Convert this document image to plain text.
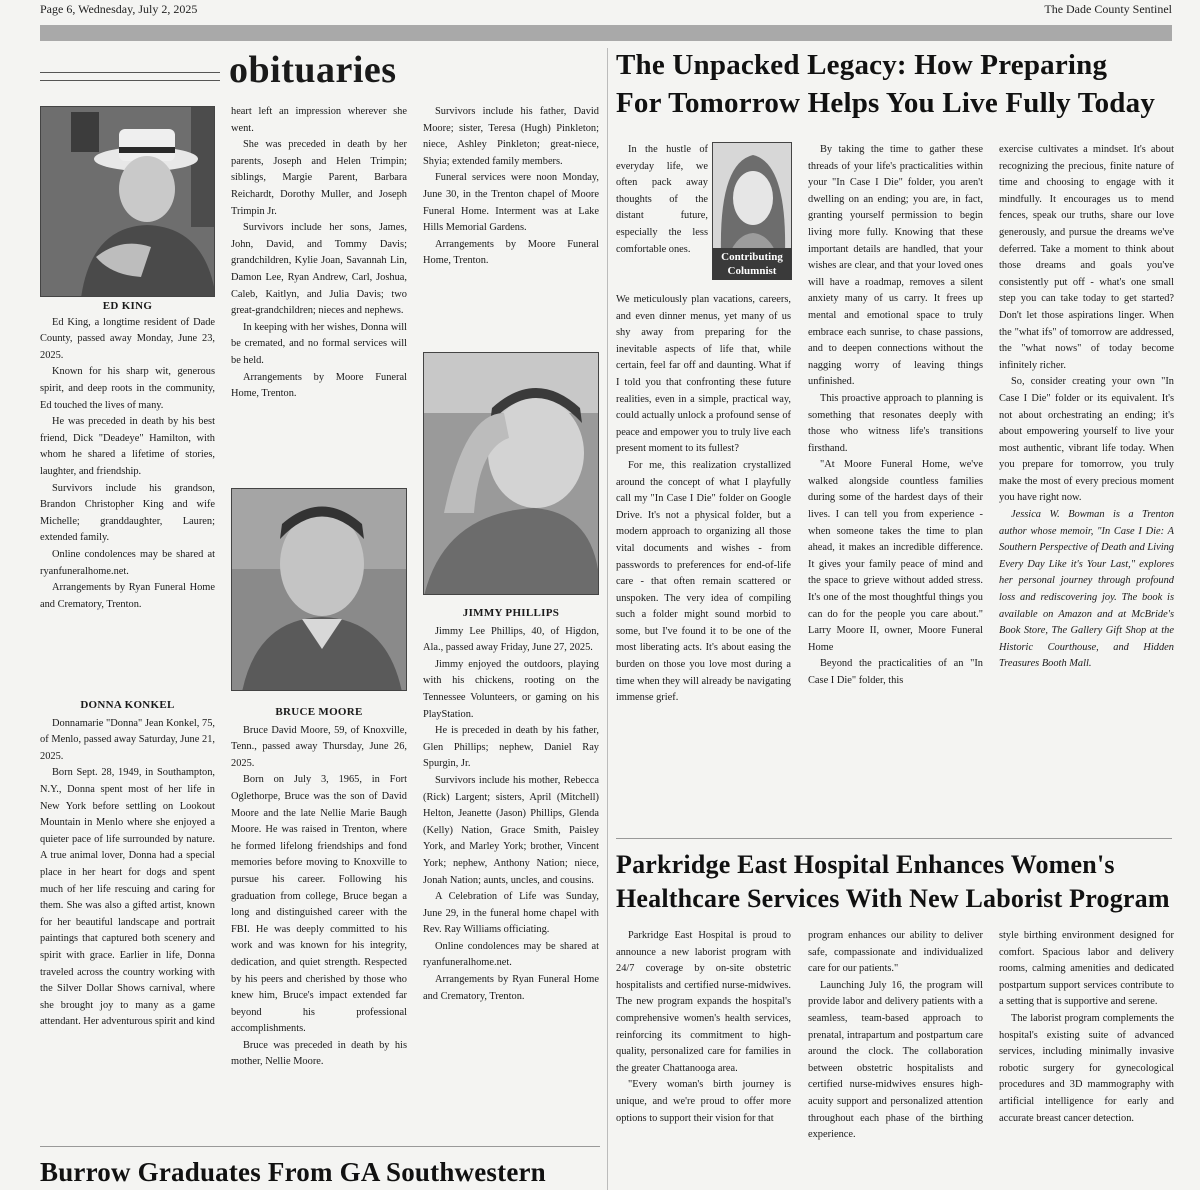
Page 6, Wednesday, July 2, 2025	The Dade County Sentinel
obituaries
ED KING

Ed King, a longtime resident of Dade County, passed away Monday, June 23, 2025.

Known for his sharp wit, generous spirit, and deep roots in the community, Ed touched the lives of many.

He was preceded in death by his best friend, Dick "Deadeye" Hamilton, with whom he shared a lifetime of stories, laughter, and friendship.

Survivors include his grandson, Brandon Christopher King and wife Michelle; granddaughter, Lauren; extended family.

Online condolences may be shared at ryanfuneralhome.net.

Arrangements by Ryan Funeral Home and Crematory, Trenton.

DONNA KONKEL

Donnamarie "Donna" Jean Konkel, 75, of Menlo, passed away Saturday, June 21, 2025.

Born Sept. 28, 1949, in Southampton, N.Y., Donna spent most of her life in New York before settling on Lookout Mountain in Menlo where she enjoyed a quieter pace of life surrounded by nature. A true animal lover, Donna had a special place in her heart for dogs and spent much of her life rescuing and caring for them. She was also a gifted artist, known for her beautiful landscape and portrait paintings that captured both scenery and spirit with grace. Earlier in life, Donna traveled across the country working with the Silver Dollar Shows carnival, where she brought joy to many as a game attendant. Her adventurous spirit and kind

heart left an impression wherever she went.

She was preceded in death by her parents, Joseph and Helen Trimpin; siblings, Margie Parent, Barbara Reichardt, Dorothy Muller, and Joseph Trimpin Jr.

Survivors include her sons, James, John, David, and Tommy Davis; grandchildren, Kylie Joan, Savannah Lin, Damon Lee, Ryan Andrew, Carl, Joshua, Caleb, Kaitlyn, and Julia Davis; two great-grandchildren; nieces and nephews.

In keeping with her wishes, Donna will be cremated, and no formal services will be held.

Arrangements by Moore Funeral Home, Trenton.

BRUCE MOORE

Bruce David Moore, 59, of Knoxville, Tenn., passed away Thursday, June 26, 2025.

Born on July 3, 1965, in Fort Oglethorpe, Bruce was the son of David Moore and the late Nellie Marie Baugh Moore. He was raised in Trenton, where he formed lifelong friendships and fond memories before moving to Knoxville to pursue his career. Following his graduation from college, Bruce began a long and distinguished career with the FBI. He was deeply committed to his work and was known for his integrity, dedication, and quiet strength. Respected by his peers and cherished by those who knew him, Bruce's impact extended far beyond his professional accomplishments.

Bruce was preceded in death by his mother, Nellie Moore.

Survivors include his father, David Moore; sister, Teresa (Hugh) Pinkleton; niece, Ashley Pinkleton; great-niece, Shyia; extended family members.

Funeral services were noon Monday, June 30, in the Trenton chapel of Moore Funeral Home. Interment was at Lake Hills Memorial Gardens.

Arrangements by Moore Funeral Home, Trenton.

JIMMY PHILLIPS

Jimmy Lee Phillips, 40, of Higdon, Ala., passed away Friday, June 27, 2025.

Jimmy enjoyed the outdoors, playing with his chickens, rooting on the Tennessee Volunteers, or gaming on his PlayStation.

He is preceded in death by his father, Glen Phillips; nephew, Daniel Ray Spurgin, Jr.

Survivors include his mother, Rebecca (Rick) Largent; sisters, April (Mitchell) Helton, Jeanette (Jason) Phillips, Glenda (Kelly) Nation, Grace Smith, Paisley York, and Marley York; brother, Vincent York; nephew, Anthony Nation; niece, Jonah Nation; aunts, uncles, and cousins.

A Celebration of Life was Sunday, June 29, in the funeral home chapel with Rev. Ray Williams officiating.

Online condolences may be shared at ryanfuneralhome.net.

Arrangements by Ryan Funeral Home and Crematory, Trenton.

The Unpacked Legacy: How Preparing
For Tomorrow Helps You Live Fully Today
Contributing Columnist

In the hustle of everyday life, we often pack away thoughts of the distant future, especially the less comfortable ones.

We meticulously plan vacations, careers, and even dinner menus, yet many of us shy away from preparing for the inevitable aspects of life that, while certain, feel far off and daunting. What if I told you that confronting these future realities, even in a simple, practical way, could actually unlock a profound sense of peace and empower you to truly live each present moment to its fullest?

For me, this realization crystallized around the concept of what I playfully call my "In Case I Die" folder on Google Drive. It's not a physical folder, but a modern approach to organizing all those vital documents and wishes - from passwords to preferences for end-of-life care - that often remain scattered or unspoken. The very idea of compiling such a folder might sound morbid to some, but I've found it to be one of the most liberating acts. It's about easing the burden on those you love most during a time when they will already be navigating immense grief.

By taking the time to gather these threads of your life's practicalities within your "In Case I Die" folder, you aren't dwelling on an ending; you are, in fact, granting yourself permission to begin living more fully. Knowing that these important details are handled, that your wishes are clear, and that your loved ones will have a roadmap, removes a silent anxiety many of us carry. It frees up mental and emotional space to truly embrace each sunrise, to chase passions, and to deepen connections without the nagging worry of leaving things unfinished.

This proactive approach to planning is something that resonates deeply with those who witness life's transitions firsthand.

"At Moore Funeral Home, we've walked alongside countless families during some of the hardest days of their lives. I can tell you from experience - when someone takes the time to plan ahead, it makes an incredible difference. It gives your family peace of mind and the space to grieve without added stress. It's one of the most thoughtful things you can do for the people you care about." Larry Moore II, owner, Moore Funeral Home

Beyond the practicalities of an "In Case I Die" folder, this

exercise cultivates a mindset. It's about recognizing the precious, finite nature of time and choosing to engage with it mindfully. It encourages us to mend fences, speak our truths, share our love generously, and pursue the dreams we've deferred. Take a moment to think about those dreams and goals you've consistently put off - what's one small step you can take today to get started? Don't let those aspirations linger. When the "what ifs" of tomorrow are addressed, the "what nows" of today become infinitely richer.

So, consider creating your own "In Case I Die" folder or its equivalent. It's not about orchestrating an ending; it's about empowering yourself to live your most authentic, vibrant life today. When you prepare for tomorrow, you truly make the most of every precious moment you have right now.

Jessica W. Bowman is a Trenton author whose memoir, "In Case I Die: A Southern Perspective of Death and Living Every Day Like it's Your Last," explores her personal journey through profound loss and rediscovering joy. The book is available on Amazon and at McBride's Book Store, The Gallery Gift Shop at the Historic Courthouse, and Hidden Treasures Booth Mall.

Parkridge East Hospital Enhances Women's
Healthcare Services With New Laborist Program

Parkridge East Hospital is proud to announce a new laborist program with 24/7 coverage by on-site obstetric hospitalists and certified nurse-midwives. The new program expands the hospital's comprehensive women's health services, reinforcing its commitment to high-quality, personalized care for families in the greater Chattanooga area.

"Every woman's birth journey is unique, and we're proud to offer more options to support their vision for that

program enhances our ability to deliver safe, compassionate and individualized care for our patients."

Launching July 16, the program will provide labor and delivery patients with a seamless, team-based approach to prenatal, intrapartum and postpartum care around the clock. The collaboration between obstetric hospitalists and certified nurse-midwives ensures high-acuity support and personalized attention throughout each phase of the birthing experience.

style birthing environment designed for comfort. Spacious labor and delivery rooms, calming amenities and dedicated postpartum support services contribute to a setting that is supportive and serene.

The laborist program complements the hospital's existing suite of advanced services, including minimally invasive robotic surgery for gynecological procedures and 3D mammography with artificial intelligence for early and accurate breast cancer detection.

Burrow Graduates From GA Southwestern
